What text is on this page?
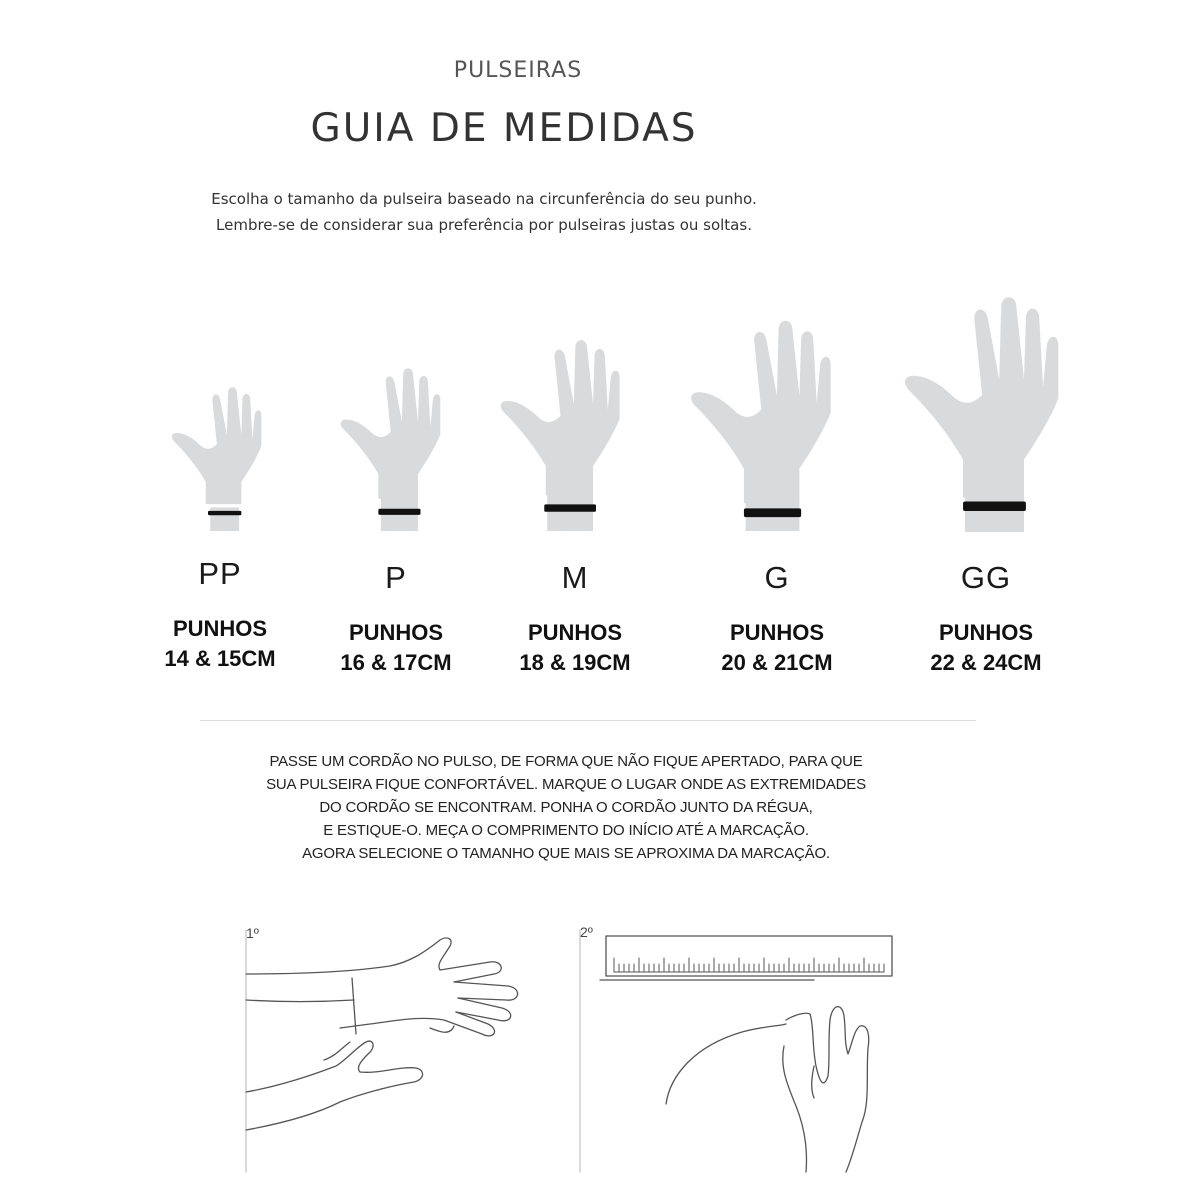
PULSEIRAS
GUIA DE MEDIDAS
Escolha o tamanho da pulseira baseado na circunferência do seu punho.
Lembre-se de considerar sua preferência por pulseiras justas ou soltas.
PP
PUNHOS
14 & 15CM
P
PUNHOS
16 & 17CM
M
PUNHOS
18 & 19CM
G
PUNHOS
20 & 21CM
GG
PUNHOS
22 & 24CM
PASSE UM CORDÃO NO PULSO, DE FORMA QUE NÃO FIQUE APERTADO, PARA QUE
SUA PULSEIRA FIQUE CONFORTÁVEL. MARQUE O LUGAR ONDE AS EXTREMIDADES
DO CORDÃO SE ENCONTRAM. PONHA O CORDÃO JUNTO DA RÉGUA,
E ESTIQUE-O. MEÇA O COMPRIMENTO DO INÍCIO ATÉ A MARCAÇÃO.
AGORA SELECIONE O TAMANHO QUE MAIS SE APROXIMA DA MARCAÇÃO.
1º	2º
